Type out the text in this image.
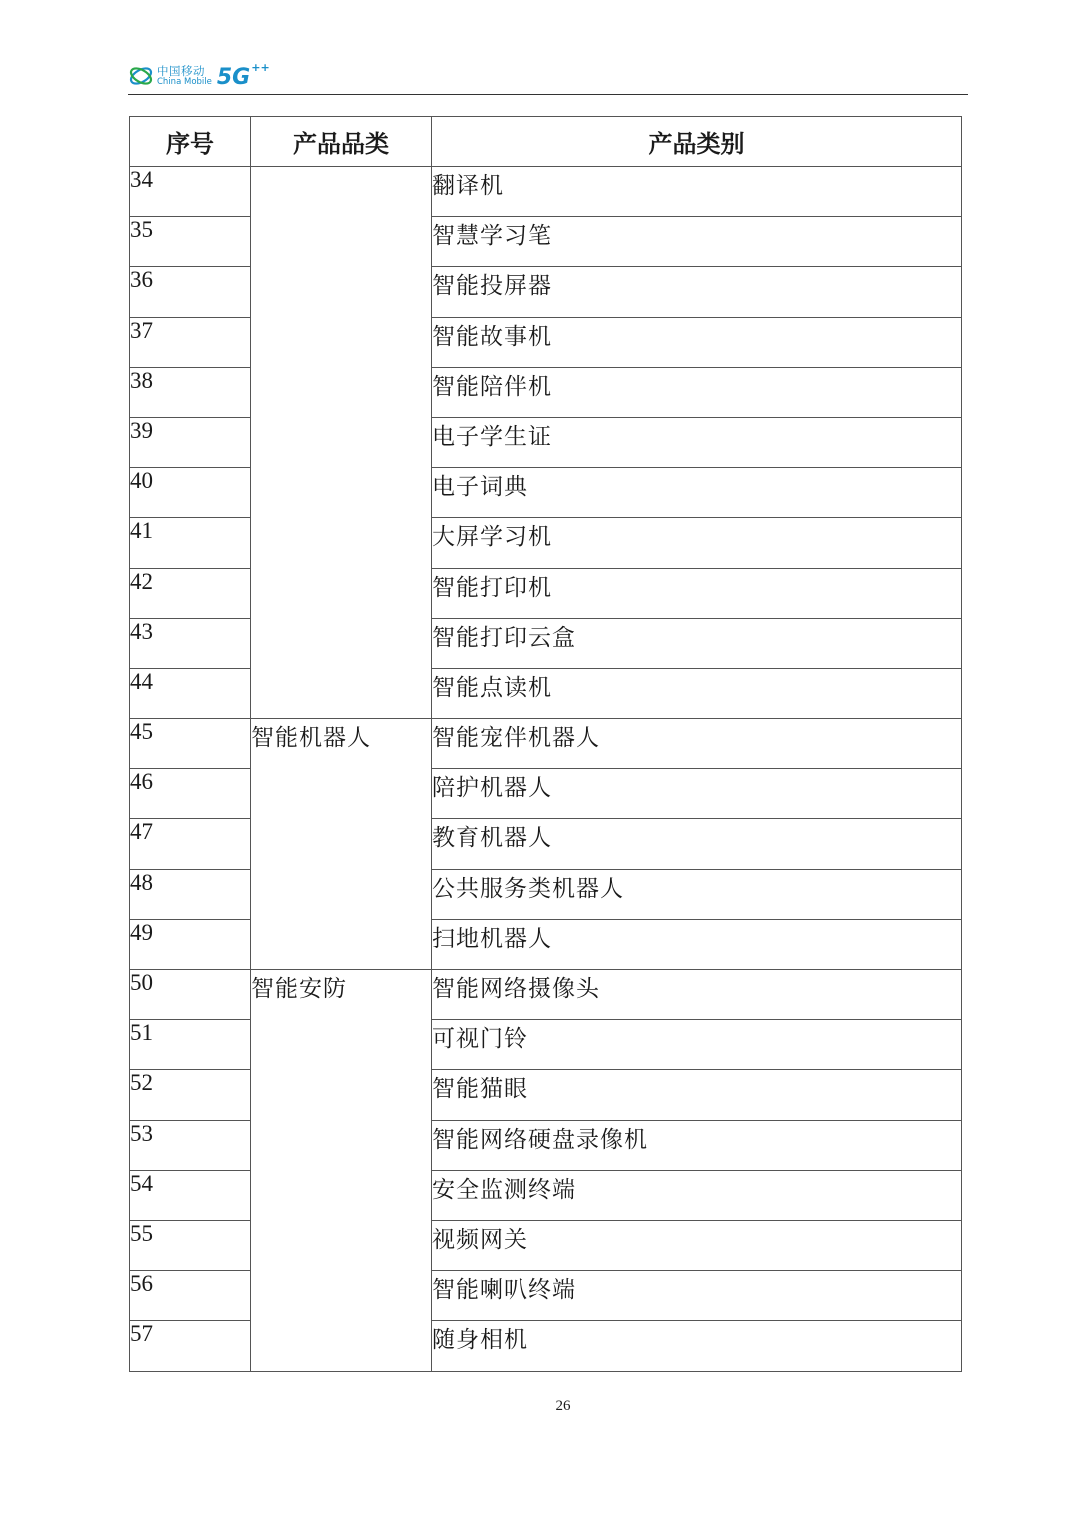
中国移动
China Mobile 5G++
序号	产品品类	产品类别
34		翻译机
35		智慧学习笔
36		智能投屏器
37		智能故事机
38		智能陪伴机
39		电子学生证
40		电子词典
41		大屏学习机
42		智能打印机
43		智能打印云盒
44		智能点读机
45	智能机器人	智能宠伴机器人
46		陪护机器人
47		教育机器人
48		公共服务类机器人
49		扫地机器人
50	智能安防	智能网络摄像头
51		可视门铃
52		智能猫眼
53		智能网络硬盘录像机
54		安全监测终端
55		视频网关
56		智能喇叭终端
57		随身相机
26
